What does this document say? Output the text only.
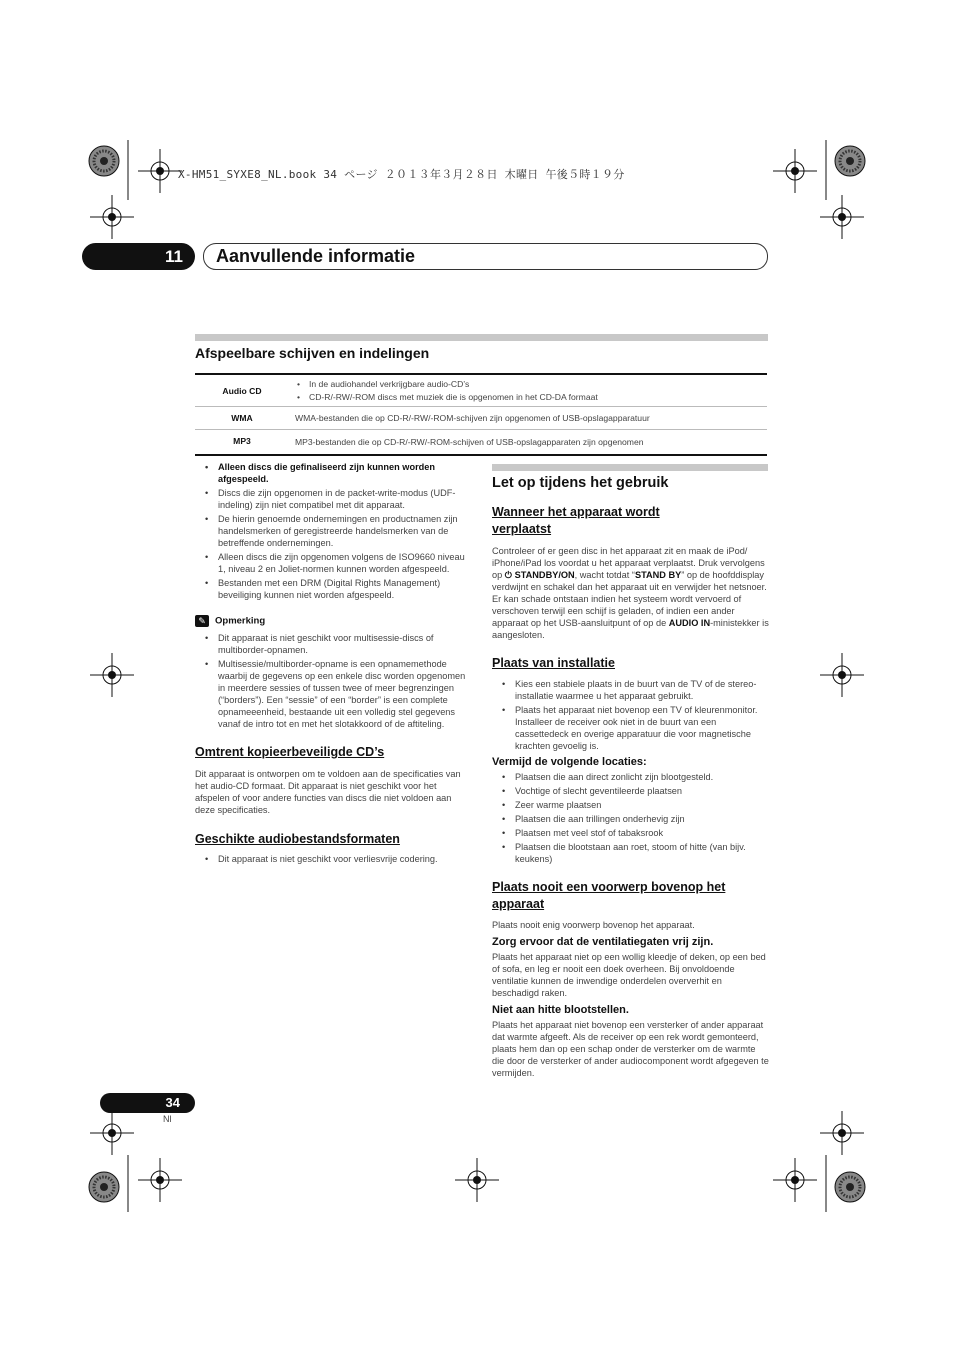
X-HM51_SYXE8_NL.book 34 ページ ２０１３年３月２８日 木曜日 午後５時１９分
11	Aanvullende informatie
Afspeelbare schijven en indelingen
Audio CD	• In de audiohandel verkrijgbare audio-CD’s
• CD-R/-RW/-ROM discs met muziek die is opgenomen in het CD-DA formaat

WMA	WMA-bestanden die op CD-R/-RW/-ROM-schijven zijn opgenomen of USB-opslagapparatuur
MP3	MP3-bestanden die op CD-R/-RW/-ROM-schijven of USB-opslagapparaten zijn opgenomen
• Alleen discs die gefinaliseerd zijn kunnen worden afgespeeld.
• Discs die zijn opgenomen in de packet-write-modus (UDF-indeling) zijn niet compatibel met dit apparaat.
• De hierin genoemde ondernemingen en productnamen zijn handelsmerken of geregistreerde handelsmerken van de betreffende ondernemingen.
• Alleen discs die zijn opgenomen volgens de ISO9660 niveau 1, niveau 2 en Joliet-normen kunnen worden afgespeeld.
• Bestanden met een DRM (Digital Rights Management) beveiliging kunnen niet worden afgespeeld.
✎ Opmerking
• Dit apparaat is niet geschikt voor multisessie-discs of multiborder-opnamen.
• Multisessie/multiborder-opname is een opnamemethode waarbij de gegevens op een enkele disc worden opgenomen in meerdere sessies of tussen twee of meer begrenzingen (“borders”). Een “sessie” of een “border” is een complete opnameeenheid, bestaande uit een volledig stel gegevens vanaf de intro tot en met het slotakkoord of de aftiteling.
Omtrent kopieerbeveiligde CD’s
Dit apparaat is ontworpen om te voldoen aan de specificaties van het audio-CD formaat. Dit apparaat is niet geschikt voor het afspelen of voor andere functies van discs die niet voldoen aan deze specificaties.
Geschikte audiobestandsformaten
• Dit apparaat is niet geschikt voor verliesvrije codering.
Let op tijdens het gebruik
Wanneer het apparaat wordt verplaatst
Controleer of er geen disc in het apparaat zit en maak de iPod/ iPhone/iPad los voordat u het apparaat verplaatst. Druk vervolgens op ⏻ STANDBY/ON, wacht totdat “STAND BY” op de hoofddisplay verdwijnt en schakel dan het apparaat uit en verwijder het netsnoer. Er kan schade ontstaan indien het systeem wordt vervoerd of verschoven terwijl een schijf is geladen, of indien een ander apparaat op het USB-aansluitpunt of op de AUDIO IN-ministekker is aangesloten.
Plaats van installatie
• Kies een stabiele plaats in de buurt van de TV of de stereo-installatie waarmee u het apparaat gebruikt.
• Plaats het apparaat niet bovenop een TV of kleurenmonitor. Installeer de receiver ook niet in de buurt van een cassettedeck en overige apparatuur die voor magnetische krachten gevoelig is.
Vermijd de volgende locaties:
• Plaatsen die aan direct zonlicht zijn blootgesteld.
• Vochtige of slecht geventileerde plaatsen
• Zeer warme plaatsen
• Plaatsen die aan trillingen onderhevig zijn
• Plaatsen met veel stof of tabaksrook
• Plaatsen die blootstaan aan roet, stoom of hitte (van bijv. keukens)
Plaats nooit een voorwerp bovenop het apparaat
Plaats nooit enig voorwerp bovenop het apparaat.
Zorg ervoor dat de ventilatiegaten vrij zijn.
Plaats het apparaat niet op een wollig kleedje of deken, op een bed of sofa, en leg er nooit een doek overheen. Bij onvoldoende ventilatie kunnen de inwendige onderdelen oververhit en beschadigd raken.
Niet aan hitte blootstellen.
Plaats het apparaat niet bovenop een versterker of ander apparaat dat warmte afgeeft. Als de receiver op een rek wordt gemonteerd, plaats hem dan op een schap onder de versterker om de warmte die door de versterker of ander audiocomponent wordt afgegeven te vermijden.
34
Nl
